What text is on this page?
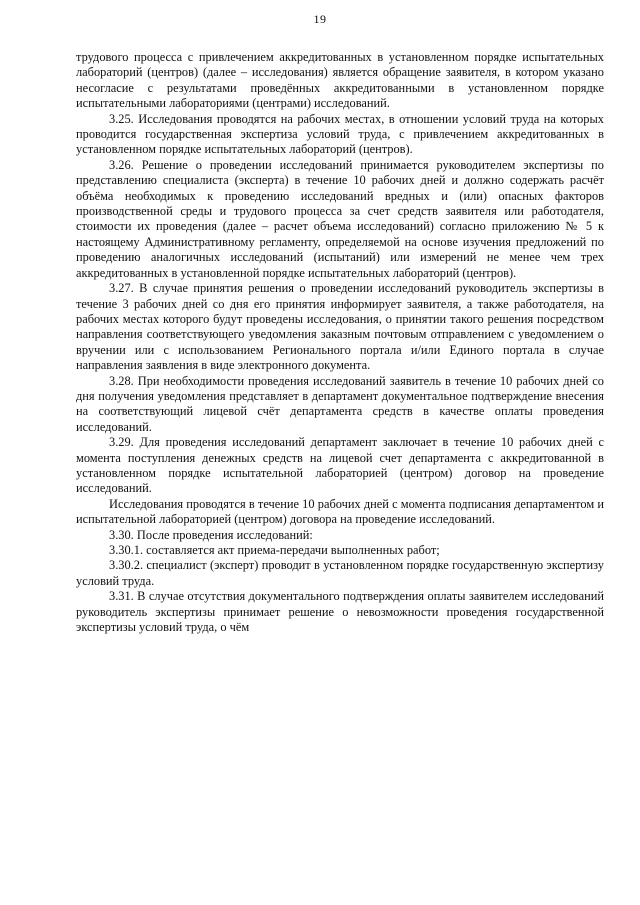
19

трудового процесса с привлечением аккредитованных в установленном порядке испытательных лабораторий (центров) (далее – исследования) является обращение заявителя, в котором указано несогласие с результатами проведённых аккредитованными в установленном порядке испытательными лабораториями (центрами) исследований.

3.25. Исследования проводятся на рабочих местах, в отношении условий труда на которых проводится государственная экспертиза условий труда, с привлечением аккредитованных в установленном порядке испытательных лабораторий (центров).

3.26. Решение о проведении исследований принимается руководителем экспертизы по представлению специалиста (эксперта) в течение 10 рабочих дней и должно содержать расчёт объёма необходимых к проведению исследований вредных и (или) опасных факторов производственной среды и трудового процесса за счет средств заявителя или работодателя, стоимости их проведения (далее – расчет объема исследований) согласно приложению № 5 к настоящему Административному регламенту, определяемой на основе изучения предложений по проведению аналогичных исследований (испытаний) или измерений не менее чем трех аккредитованных в установленной порядке испытательных лабораторий (центров).

3.27. В случае принятия решения о проведении исследований руководитель экспертизы в течение 3 рабочих дней со дня его принятия информирует заявителя, а также работодателя, на рабочих местах которого будут проведены исследования, о принятии такого решения посредством направления соответствующего уведомления заказным почтовым отправлением с уведомлением о вручении или с использованием Регионального портала и/или Единого портала в случае направления заявления в виде электронного документа.

3.28. При необходимости проведения исследований заявитель в течение 10 рабочих дней со дня получения уведомления представляет в департамент документальное подтверждение внесения на соответствующий лицевой счёт департамента средств в качестве оплаты проведения исследований.

3.29. Для проведения исследований департамент заключает в течение 10 рабочих дней с момента поступления денежных средств на лицевой счет департамента с аккредитованной в установленном порядке испытательной лабораторией (центром) договор на проведение исследований.

Исследования проводятся в течение 10 рабочих дней с момента подписания департаментом и испытательной лабораторией (центром) договора на проведение исследований.

3.30. После проведения исследований:

3.30.1. составляется акт приема-передачи выполненных работ;

3.30.2. специалист (эксперт) проводит в установленном порядке государственную экспертизу условий труда.

3.31. В случае отсутствия документального подтверждения оплаты заявителем исследований руководитель экспертизы принимает решение о невозможности проведения государственной экспертизы условий труда, о чём
